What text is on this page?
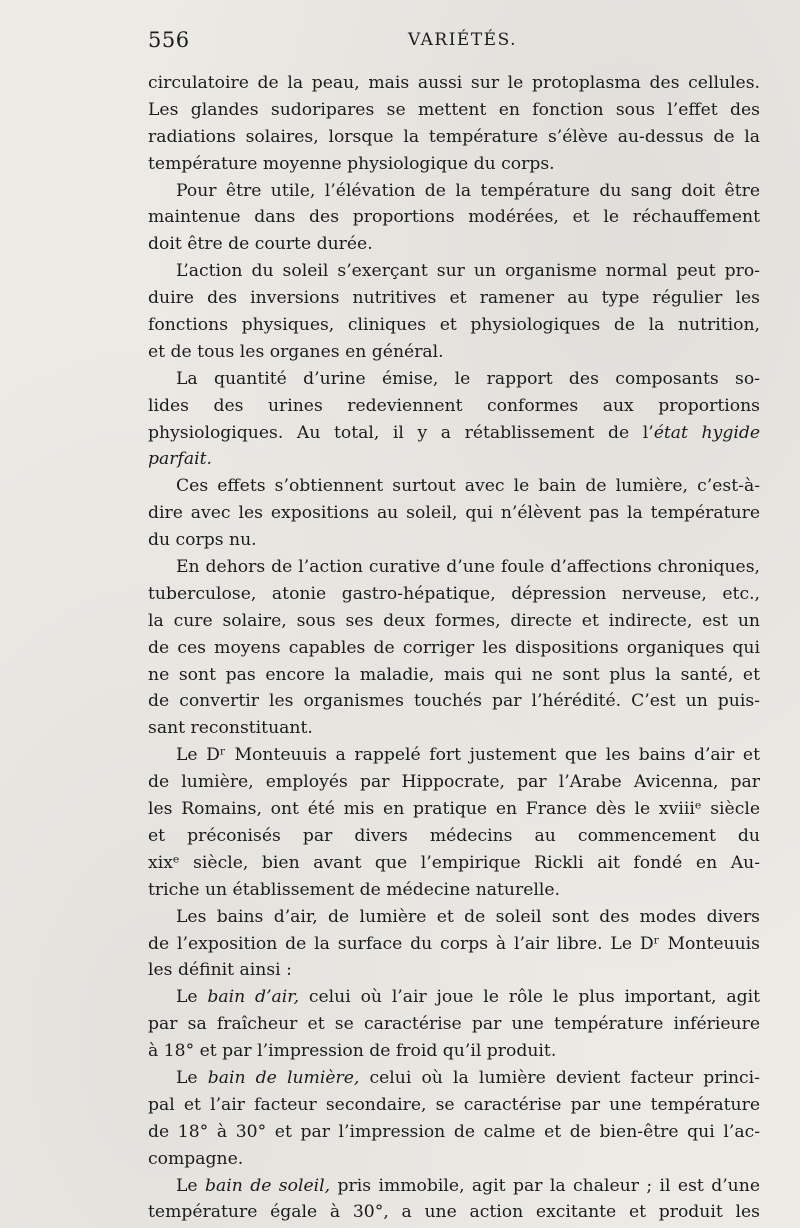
556	VARIÉTÉS.
circulatoire de la peau, mais aussi sur le protoplasma des cellules.
Les glandes sudoripares se mettent en fonction sous l’effet des
radiations solaires, lorsque la température s’élève au-dessus de la
température moyenne physiologique du corps.
Pour être utile, l’élévation de la température du sang doit être
maintenue dans des proportions modérées, et le réchauffement
doit être de courte durée.
L’action du soleil s’exerçant sur un organisme normal peut pro-
duire des inversions nutritives et ramener au type régulier les
fonctions physiques, cliniques et physiologiques de la nutrition,
et de tous les organes en général.
La quantité d’urine émise, le rapport des composants so-
lides des urines redeviennent conformes aux proportions
physiologiques. Au total, il y a rétablissement de l’état hygide
parfait.
Ces effets s’obtiennent surtout avec le bain de lumière, c’est-à-
dire avec les expositions au soleil, qui n’élèvent pas la température
du corps nu.
En dehors de l’action curative d’une foule d’affections chroniques,
tuberculose, atonie gastro-hépatique, dépression nerveuse, etc.,
la cure solaire, sous ses deux formes, directe et indirecte, est un
de ces moyens capables de corriger les dispositions organiques qui
ne sont pas encore la maladie, mais qui ne sont plus la santé, et
de convertir les organismes touchés par l’hérédité. C’est un puis-
sant reconstituant.
Le Dʳ Monteuuis a rappelé fort justement que les bains d’air et
de lumière, employés par Hippocrate, par l’Arabe Avicenna, par
les Romains, ont été mis en pratique en France dès le xviiiᵉ siècle
et préconisés par divers médecins au commencement du
xixᵉ siècle, bien avant que l’empirique Rickli ait fondé en Au-
triche un établissement de médecine naturelle.
Les bains d’air, de lumière et de soleil sont des modes divers
de l’exposition de la surface du corps à l’air libre. Le Dʳ Monteuuis
les définit ainsi :
Le bain d’air, celui où l’air joue le rôle le plus important, agit
par sa fraîcheur et se caractérise par une température inférieure
à 18° et par l’impression de froid qu’il produit.
Le bain de lumière, celui où la lumière devient facteur princi-
pal et l’air facteur secondaire, se caractérise par une température
de 18° à 30° et par l’impression de calme et de bien-être qui l’ac-
compagne.
Le bain de soleil, pris immobile, agit par la chaleur ; il est d’une
température égale à 30°, a une action excitante et produit les
